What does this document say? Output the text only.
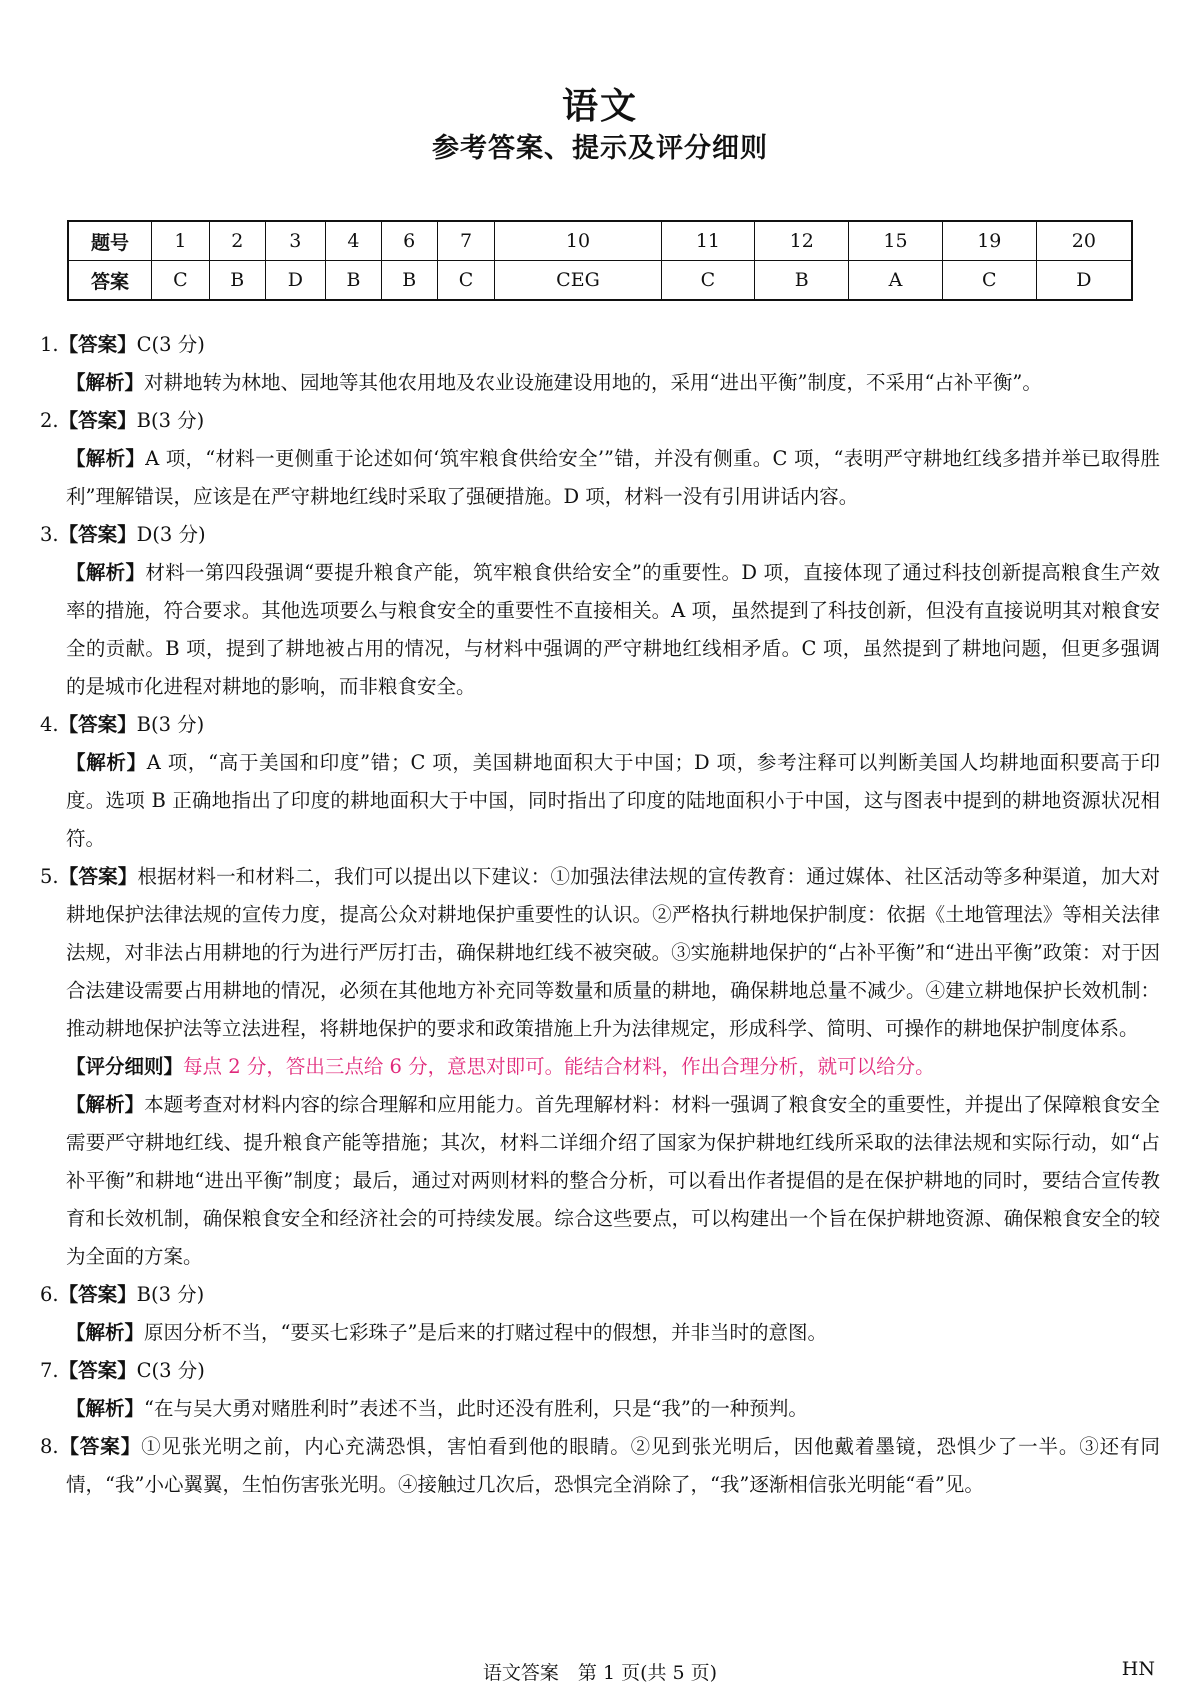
语文
参考答案、提示及评分细则
题号	1	2	3	4	6	7	10	11	12	15	19	20
答案	C	B	D	B	B	C	CEG	C	B	A	C	D

1.【答案】C(3 分)

【解析】对耕地转为林地、园地等其他农用地及农业设施建设用地的，采用“进出平衡”制度，不采用“占补平衡”。

2.【答案】B(3 分)

【解析】A 项，“材料一更侧重于论述如何‘筑牢粮食供给安全’”错，并没有侧重。C 项，“表明严守耕地红线多措并举已取得胜利”理解错误，应该是在严守耕地红线时采取了强硬措施。D 项，材料一没有引用讲话内容。

3.【答案】D(3 分)

【解析】材料一第四段强调“要提升粮食产能，筑牢粮食供给安全”的重要性。D 项，直接体现了通过科技创新提高粮食生产效率的措施，符合要求。其他选项要么与粮食安全的重要性不直接相关。A 项，虽然提到了科技创新，但没有直接说明其对粮食安全的贡献。B 项，提到了耕地被占用的情况，与材料中强调的严守耕地红线相矛盾。C 项，虽然提到了耕地问题，但更多强调的是城市化进程对耕地的影响，而非粮食安全。

4.【答案】B(3 分)

【解析】A 项，“高于美国和印度”错；C 项，美国耕地面积大于中国；D 项，参考注释可以判断美国人均耕地面积要高于印度。选项 B 正确地指出了印度的耕地面积大于中国，同时指出了印度的陆地面积小于中国，这与图表中提到的耕地资源状况相符。

5.【答案】根据材料一和材料二，我们可以提出以下建议：①加强法律法规的宣传教育：通过媒体、社区活动等多种渠道，加大对耕地保护法律法规的宣传力度，提高公众对耕地保护重要性的认识。②严格执行耕地保护制度：依据《土地管理法》等相关法律法规，对非法占用耕地的行为进行严厉打击，确保耕地红线不被突破。③实施耕地保护的“占补平衡”和“进出平衡”政策：对于因合法建设需要占用耕地的情况，必须在其他地方补充同等数量和质量的耕地，确保耕地总量不减少。④建立耕地保护长效机制：推动耕地保护法等立法进程，将耕地保护的要求和政策措施上升为法律规定，形成科学、简明、可操作的耕地保护制度体系。

【评分细则】每点 2 分，答出三点给 6 分，意思对即可。能结合材料，作出合理分析，就可以给分。

【解析】本题考查对材料内容的综合理解和应用能力。首先理解材料：材料一强调了粮食安全的重要性，并提出了保障粮食安全需要严守耕地红线、提升粮食产能等措施；其次，材料二详细介绍了国家为保护耕地红线所采取的法律法规和实际行动，如“占补平衡”和耕地“进出平衡”制度；最后，通过对两则材料的整合分析，可以看出作者提倡的是在保护耕地的同时，要结合宣传教育和长效机制，确保粮食安全和经济社会的可持续发展。综合这些要点，可以构建出一个旨在保护耕地资源、确保粮食安全的较为全面的方案。

6.【答案】B(3 分)

【解析】原因分析不当，“要买七彩珠子”是后来的打赌过程中的假想，并非当时的意图。

7.【答案】C(3 分)

【解析】“在与吴大勇对赌胜利时”表述不当，此时还没有胜利，只是“我”的一种预判。

8.【答案】①见张光明之前，内心充满恐惧，害怕看到他的眼睛。②见到张光明后，因他戴着墨镜，恐惧少了一半。③还有同情，“我”小心翼翼，生怕伤害张光明。④接触过几次后，恐惧完全消除了，“我”逐渐相信张光明能“看”见。

语文答案　第 1 页(共 5 页)	HN
